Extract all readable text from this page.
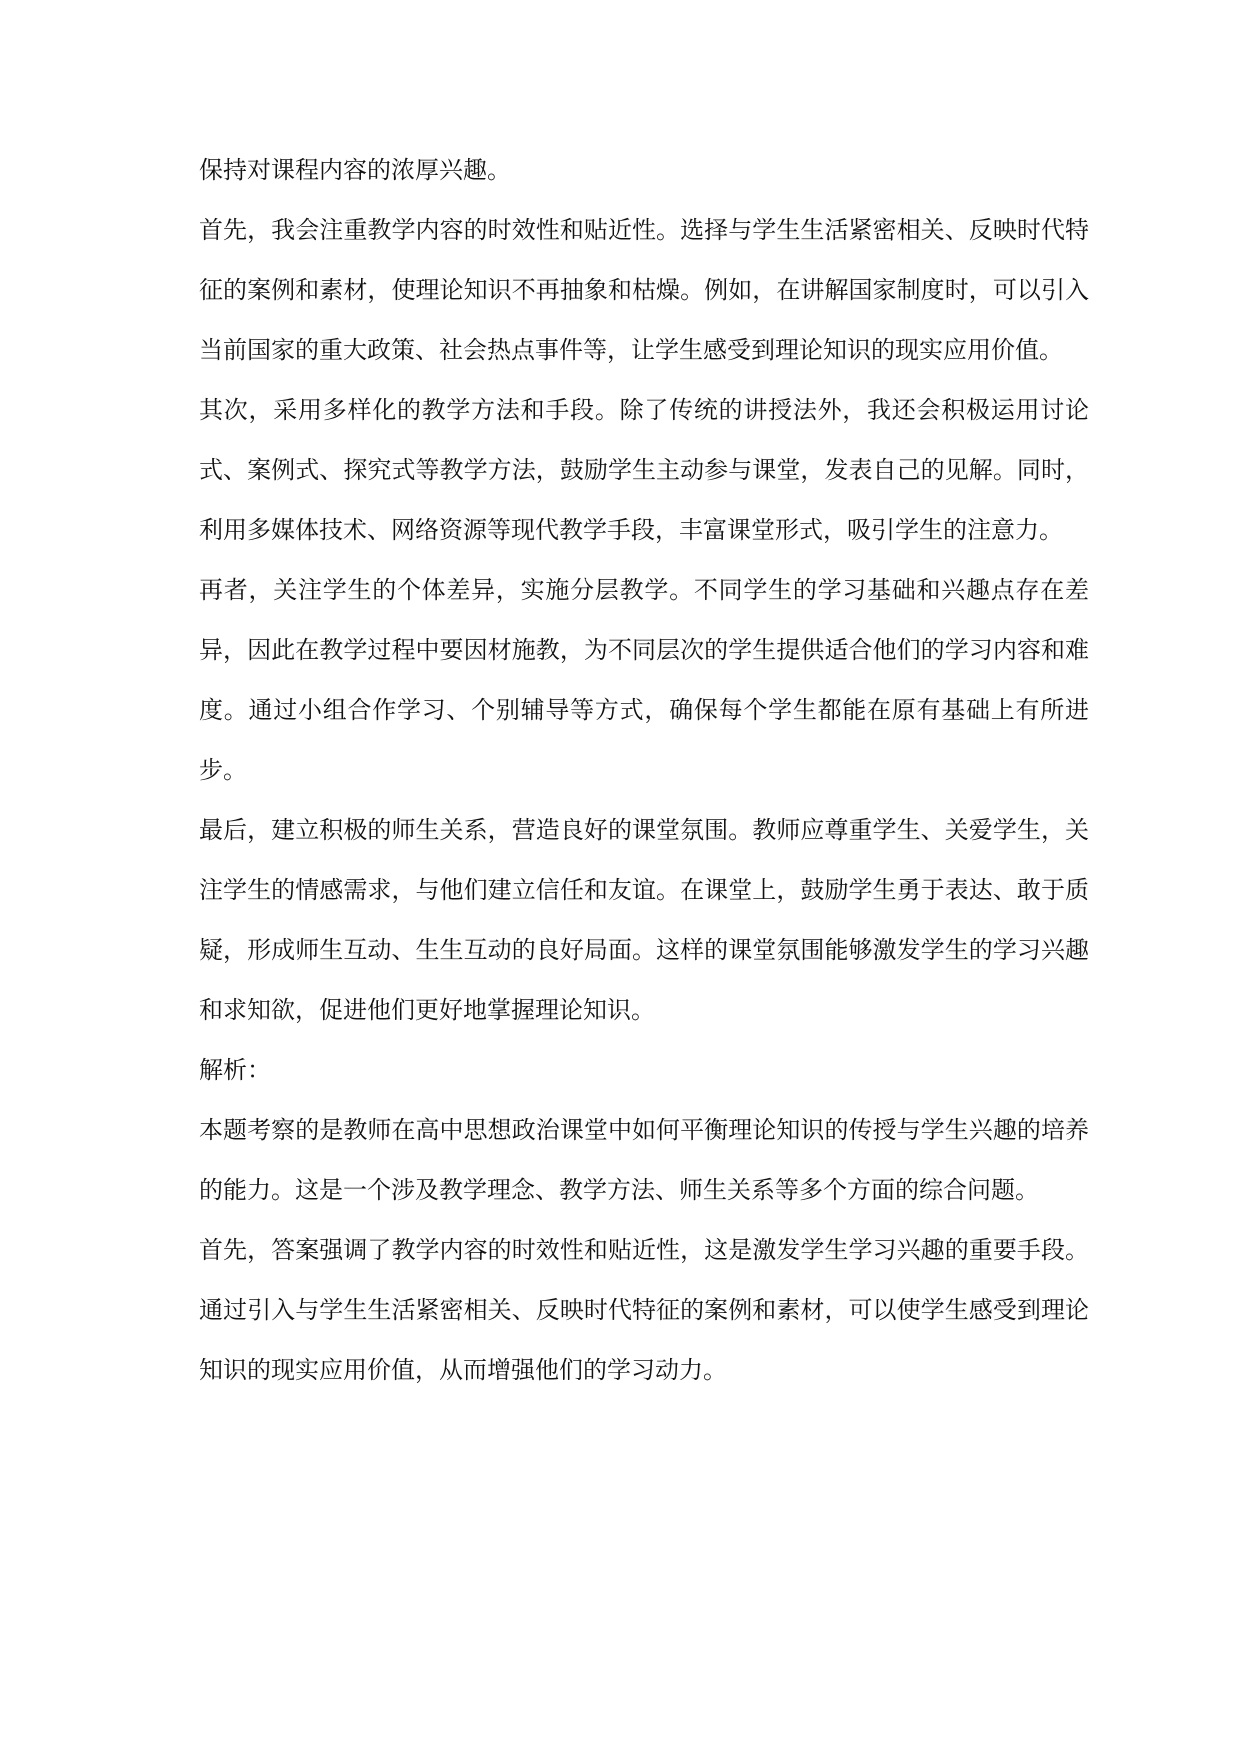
保持对课程内容的浓厚兴趣。

首先，我会注重教学内容的时效性和贴近性。选择与学生生活紧密相关、反映时代特征的案例和素材，使理论知识不再抽象和枯燥。例如，在讲解国家制度时，可以引入当前国家的重大政策、社会热点事件等，让学生感受到理论知识的现实应用价值。

其次，采用多样化的教学方法和手段。除了传统的讲授法外，我还会积极运用讨论式、案例式、探究式等教学方法，鼓励学生主动参与课堂，发表自己的见解。同时，利用多媒体技术、网络资源等现代教学手段，丰富课堂形式，吸引学生的注意力。

再者，关注学生的个体差异，实施分层教学。不同学生的学习基础和兴趣点存在差异，因此在教学过程中要因材施教，为不同层次的学生提供适合他们的学习内容和难度。通过小组合作学习、个别辅导等方式，确保每个学生都能在原有基础上有所进步。

最后，建立积极的师生关系，营造良好的课堂氛围。教师应尊重学生、关爱学生，关注学生的情感需求，与他们建立信任和友谊。在课堂上，鼓励学生勇于表达、敢于质疑，形成师生互动、生生互动的良好局面。这样的课堂氛围能够激发学生的学习兴趣和求知欲，促进他们更好地掌握理论知识。

解析：

本题考察的是教师在高中思想政治课堂中如何平衡理论知识的传授与学生兴趣的培养的能力。这是一个涉及教学理念、教学方法、师生关系等多个方面的综合问题。

首先，答案强调了教学内容的时效性和贴近性，这是激发学生学习兴趣的重要手段。通过引入与学生生活紧密相关、反映时代特征的案例和素材，可以使学生感受到理论知识的现实应用价值，从而增强他们的学习动力。
